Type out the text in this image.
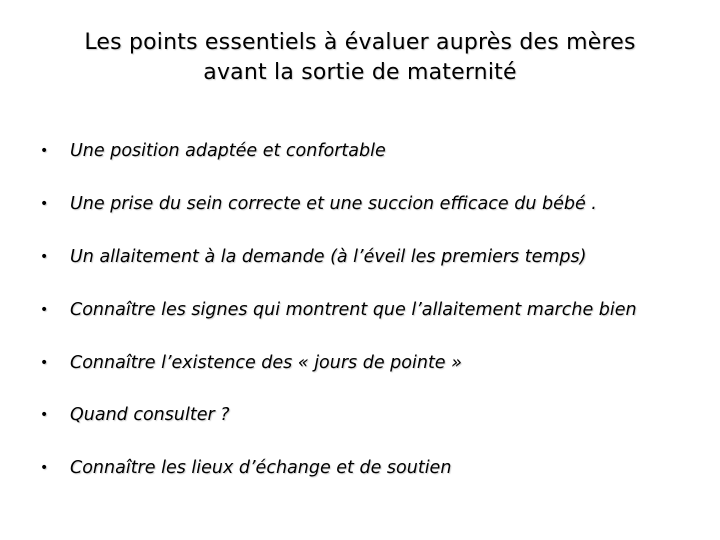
Les points essentiels à évaluer auprès des mères
avant la sortie de maternité
•	Une position adaptée et confortable
•	Une prise du sein correcte et une succion efficace du bébé .
•	Un allaitement à la demande (à l’éveil les premiers temps)
•	Connaître les signes qui montrent que l’allaitement marche bien
•	Connaître l’existence des « jours de pointe »
•	Quand consulter ?
•	Connaître les lieux d’échange et de soutien
